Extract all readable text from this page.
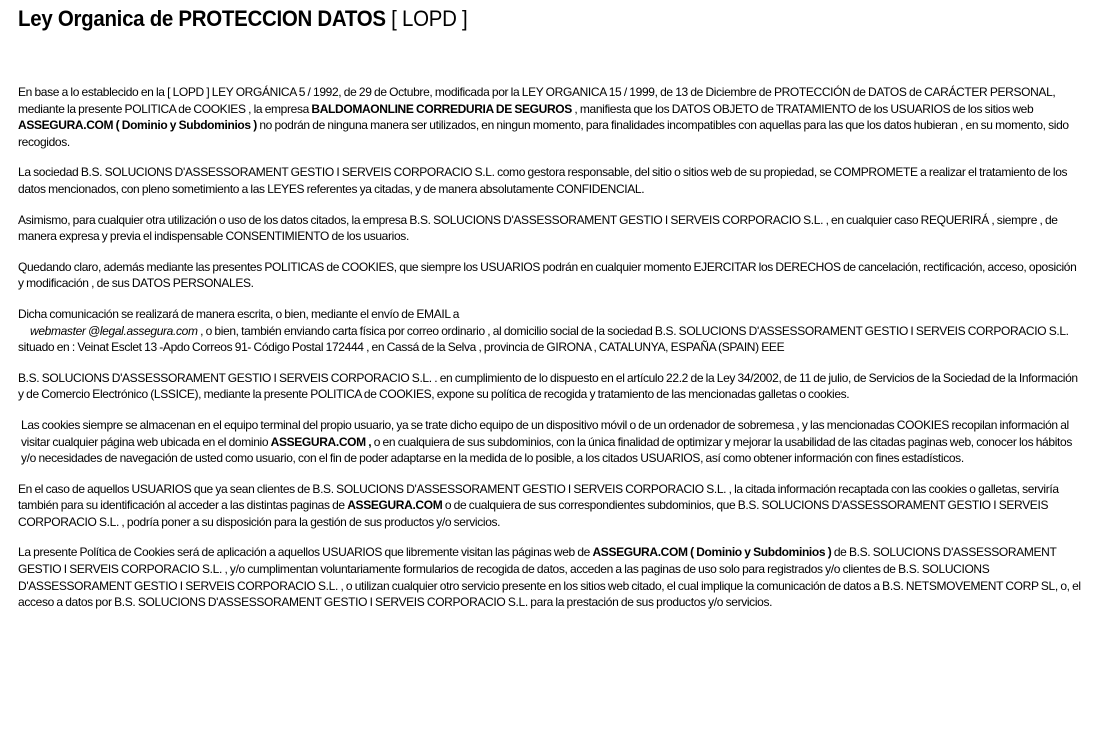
Ley Organica de PROTECCION DATOS [ LOPD ]

En base a lo establecido en la [ LOPD ] LEY ORGÁNICA 5 / 1992, de 29 de Octubre, modificada por la LEY ORGANICA 15 / 1999, de 13 de Diciembre de PROTECCIÓN de DATOS de CARÁCTER PERSONAL, mediante la presente POLITICA de COOKIES , la empresa BALDOMAONLINE CORREDURIA DE SEGUROS , manifiesta que los DATOS OBJETO de TRATAMIENTO de los USUARIOS de los sitios web ASSEGURA.COM ( Dominio y Subdominios ) no podrán de ninguna manera ser utilizados, en ningun momento, para finalidades incompatibles con aquellas para las que los datos hubieran , en su momento, sido recogidos.

La sociedad B.S. SOLUCIONS D'ASSESSORAMENT GESTIO I SERVEIS CORPORACIO S.L. como gestora responsable, del sitio o sitios web de su propiedad, se COMPROMETE a realizar el tratamiento de los datos mencionados, con pleno sometimiento a las LEYES referentes ya citadas, y de manera absolutamente CONFIDENCIAL.

Asimismo, para cualquier otra utilización o uso de los datos citados, la empresa B.S. SOLUCIONS D'ASSESSORAMENT GESTIO I SERVEIS CORPORACIO S.L. , en cualquier caso REQUERIRÁ , siempre , de manera expresa y previa el indispensable CONSENTIMIENTO de los usuarios.

Quedando claro, además mediante las presentes POLITICAS de COOKIES, que siempre los USUARIOS podrán en cualquier momento EJERCITAR los DERECHOS de cancelación, rectificación, acceso, oposición y modificación , de sus DATOS PERSONALES.

Dicha comunicación se realizará de manera escrita, o bien, mediante el envío de EMAIL a
webmaster @legal.assegura.com , o bien, también enviando carta física por correo ordinario , al domicilio social de la sociedad B.S. SOLUCIONS D'ASSESSORAMENT GESTIO I SERVEIS CORPORACIO S.L. situado en : Veinat Esclet 13 -Apdo Correos 91- Código Postal 172444 , en Cassá de la Selva , provincia de GIRONA , CATALUNYA, ESPAÑA (SPAIN) EEE

B.S. SOLUCIONS D'ASSESSORAMENT GESTIO I SERVEIS CORPORACIO S.L. . en cumplimiento de lo dispuesto en el artículo 22.2 de la Ley 34/2002, de 11 de julio, de Servicios de la Sociedad de la Información y de Comercio Electrónico (LSSICE), mediante la presente POLITICA de COOKIES, expone su política de recogida y tratamiento de las mencionadas galletas o cookies.

Las cookies siempre se almacenan en el equipo terminal del propio usuario, ya se trate dicho equipo de un dispositivo móvil o de un ordenador de sobremesa , y las mencionadas COOKIES recopilan información al visitar cualquier página web ubicada en el dominio ASSEGURA.COM , o en cualquiera de sus subdominios, con la única finalidad de optimizar y mejorar la usabilidad de las citadas paginas web, conocer los hábitos y/o necesidades de navegación de usted como usuario, con el fin de poder adaptarse en la medida de lo posible, a los citados USUARIOS, así como obtener información con fines estadísticos.

En el caso de aquellos USUARIOS que ya sean clientes de B.S. SOLUCIONS D'ASSESSORAMENT GESTIO I SERVEIS CORPORACIO S.L. , la citada información recaptada con las cookies o galletas, serviría también para su identificación al acceder a las distintas paginas de ASSEGURA.COM o de cualquiera de sus correspondientes subdominios, que B.S. SOLUCIONS D'ASSESSORAMENT GESTIO I SERVEIS CORPORACIO S.L. , podría poner a su disposición para la gestión de sus productos y/o servicios.

La presente Política de Cookies será de aplicación a aquellos USUARIOS que libremente visitan las páginas web de ASSEGURA.COM ( Dominio y Subdominios ) de B.S. SOLUCIONS D'ASSESSORAMENT GESTIO I SERVEIS CORPORACIO S.L. , y/o cumplimentan voluntariamente formularios de recogida de datos, acceden a las paginas de uso solo para registrados y/o clientes de B.S. SOLUCIONS D'ASSESSORAMENT GESTIO I SERVEIS CORPORACIO S.L. , o utilizan cualquier otro servicio presente en los sitios web citado, el cual implique la comunicación de datos a B.S. NETSMOVEMENT CORP SL, o, el acceso a datos por B.S. SOLUCIONS D'ASSESSORAMENT GESTIO I SERVEIS CORPORACIO S.L. para la prestación de sus productos y/o servicios.
